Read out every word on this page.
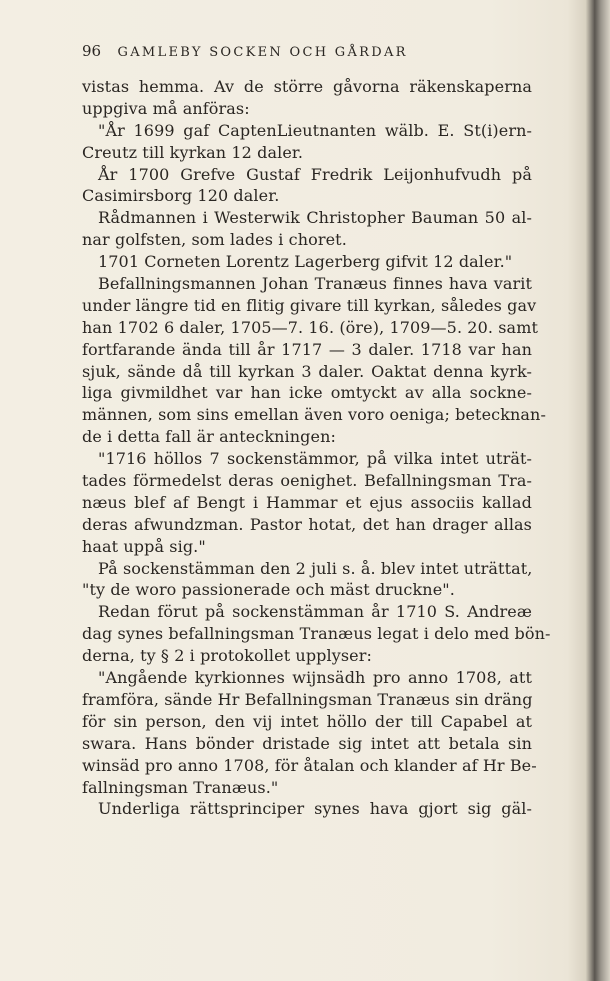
96 GAMLEBY SOCKEN OCH GÅRDAR
vistas hemma. Av de större gåvorna räkenskaperna
uppgiva må anföras:
"År 1699 gaf CaptenLieutnanten wälb. E. St(i)ern-
Creutz till kyrkan 12 daler.
År 1700 Grefve Gustaf Fredrik Leijonhufvudh på
Casimirsborg 120 daler.
Rådmannen i Westerwik Christopher Bauman 50 al-
nar golfsten, som lades i choret.
1701 Corneten Lorentz Lagerberg gifvit 12 daler."
Befallningsmannen Johan Tranæus finnes hava varit
under längre tid en flitig givare till kyrkan, således gav
han 1702 6 daler, 1705—7. 16. (öre), 1709—5. 20. samt
fortfarande ända till år 1717 — 3 daler. 1718 var han
sjuk, sände då till kyrkan 3 daler. Oaktat denna kyrk-
liga givmildhet var han icke omtyckt av alla sockne-
männen, som sins emellan även voro oeniga; betecknan-
de i detta fall är anteckningen:
"1716 höllos 7 sockenstämmor, på vilka intet uträt-
tades förmedelst deras oenighet. Befallningsman Tra-
næus blef af Bengt i Hammar et ejus associis kallad
deras afwundzman. Pastor hotat, det han drager allas
haat uppå sig."
På sockenstämman den 2 juli s. å. blev intet uträttat,
"ty de woro passionerade och mäst druckne".
Redan förut på sockenstämman år 1710 S. Andreæ
dag synes befallningsman Tranæus legat i delo med bön-
derna, ty § 2 i protokollet upplyser:
"Angående kyrkionnes wijnsädh pro anno 1708, att
framföra, sände Hr Befallningsman Tranæus sin dräng
för sin person, den vij intet höllo der till Capabel at
swara. Hans bönder dristade sig intet att betala sin
winsäd pro anno 1708, för åtalan och klander af Hr Be-
fallningsman Tranæus."
Underliga rättsprinciper synes hava gjort sig gäl-
